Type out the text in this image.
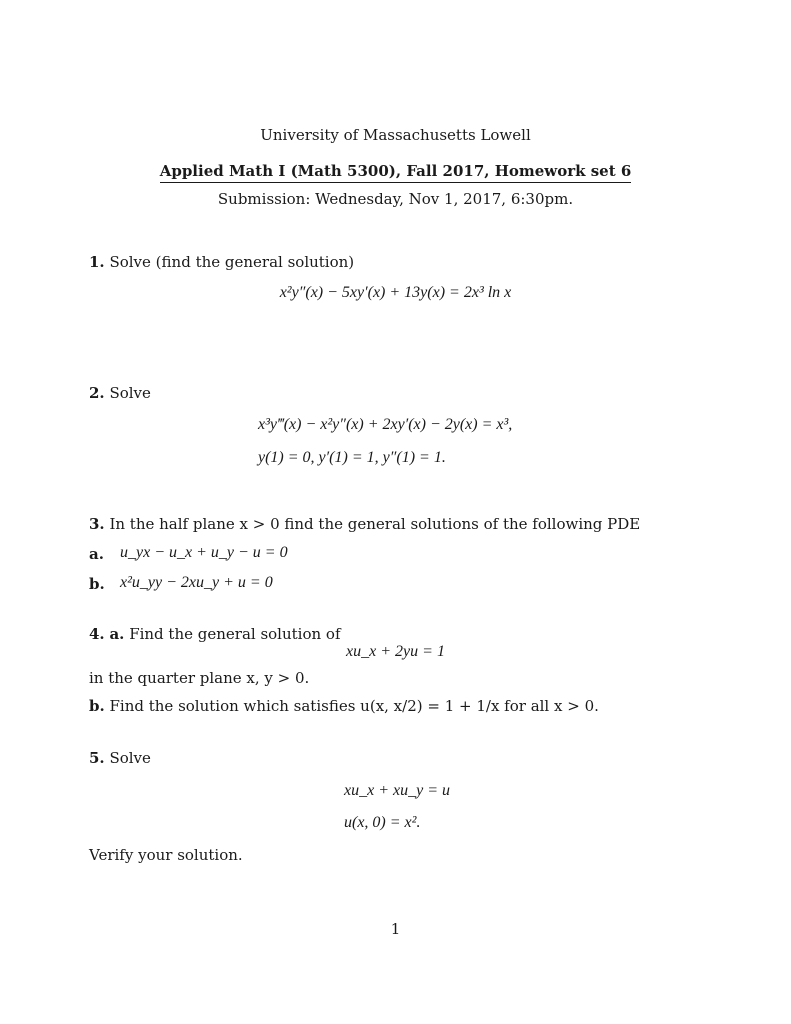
University of Massachusetts Lowell
Applied Math I (Math 5300), Fall 2017, Homework set 6
Submission: Wednesday, Nov 1, 2017, 6:30pm.
1. Solve (find the general solution)
x²y″(x) − 5xy′(x) + 13y(x) = 2x³ ln x
2. Solve
x³y‴(x) − x²y″(x) + 2xy′(x) − 2y(x) = x³,
y(1) = 0, y′(1) = 1, y″(1) = 1.
3. In the half plane x > 0 find the general solutions of the following PDE
a. u_yx − u_x + u_y − u = 0
b. x²u_yy − 2xu_y + u = 0
4. a. Find the general solution of
xu_x + 2yu = 1
in the quarter plane x, y > 0.
b. Find the solution which satisfies u(x, x/2) = 1 + 1/x for all x > 0.
5. Solve
xu_x + xu_y = u
u(x, 0) = x².
Verify your solution.
1
